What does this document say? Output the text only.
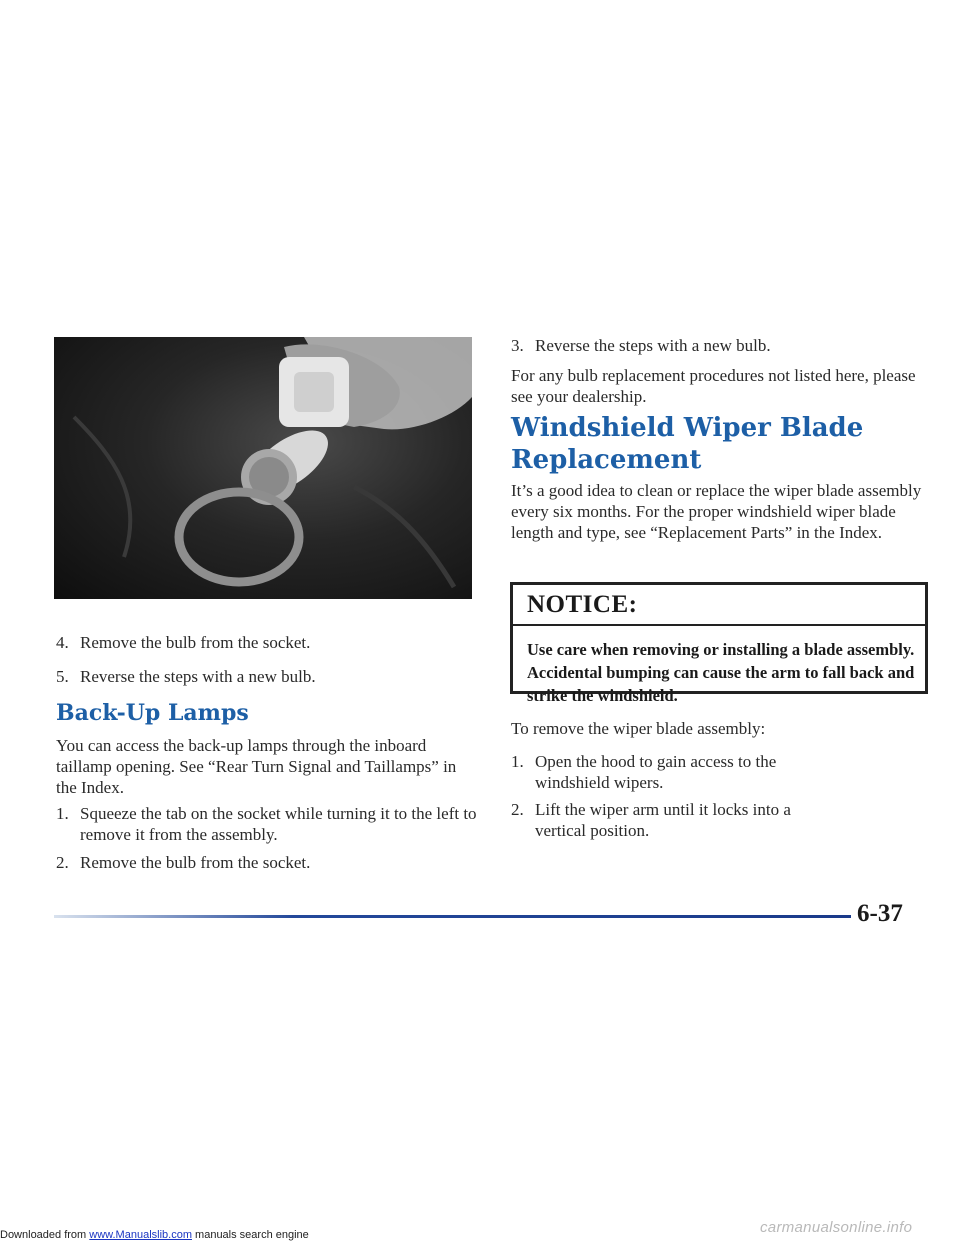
4. Remove the bulb from the socket.
5. Reverse the steps with a new bulb.
Back-Up Lamps

You can access the back-up lamps through the inboard taillamp opening. See “Rear Turn Signal and Taillamps” in the Index.

1. Squeeze the tab on the socket while turning it to the left to remove it from the assembly.
2. Remove the bulb from the socket.
3. Reverse the steps with a new bulb.

For any bulb replacement procedures not listed here, please see your dealership.

Windshield Wiper Blade Replacement

It’s a good idea to clean or replace the wiper blade assembly every six months. For the proper windshield wiper blade length and type, see “Replacement Parts” in the Index.

NOTICE:
Use care when removing or installing a blade assembly. Accidental bumping can cause the arm to fall back and strike the windshield.

To remove the wiper blade assembly:

1. Open the hood to gain access to the windshield wipers.
2. Lift the wiper arm until it locks into a vertical position.
6-37
Downloaded from www.Manualslib.com manuals search engine	carmanualsonline.info
